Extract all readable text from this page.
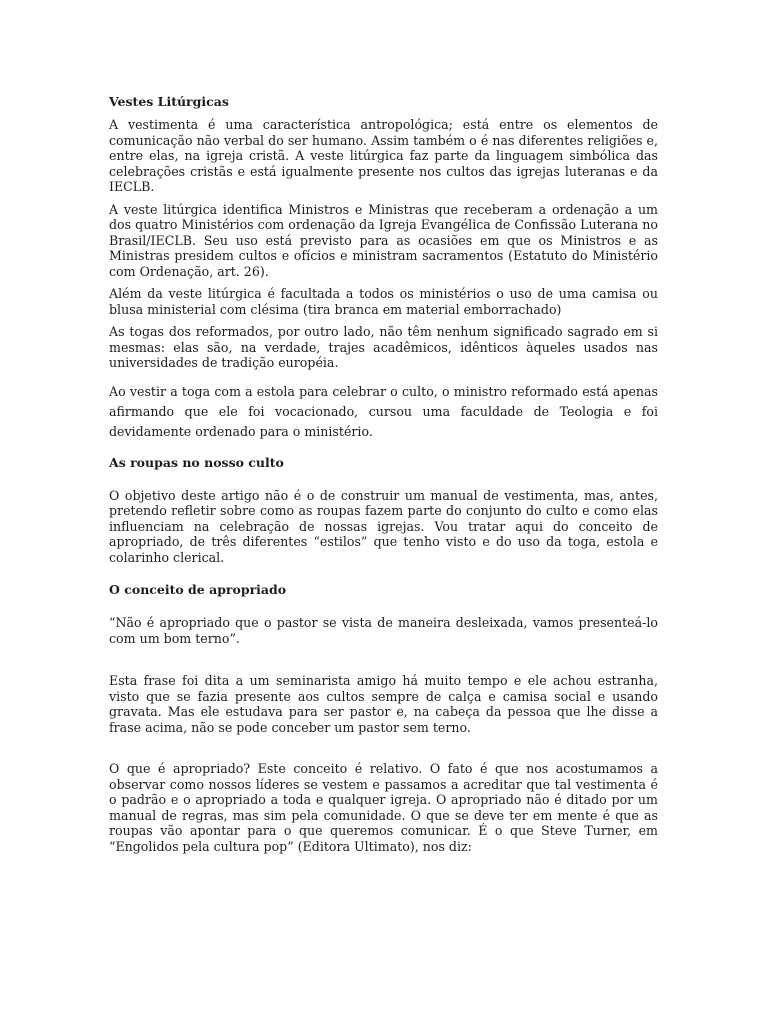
Vestes Litúrgicas

A vestimenta é uma característica antropológica; está entre os elementos de comunicação não verbal do ser humano. Assim também o é nas diferentes religiões e, entre elas, na igreja cristã. A veste litúrgica faz parte da linguagem simbólica das celebrações cristãs e está igualmente presente nos cultos das igrejas luteranas e da IECLB.

A veste litúrgica identifica Ministros e Ministras que receberam a ordenação a um dos quatro Ministérios com ordenação da Igreja Evangélica de Confissão Luterana no Brasil/IECLB. Seu uso está previsto para as ocasiões em que os Ministros e as Ministras presidem cultos e ofícios e ministram sacramentos (Estatuto do Ministério com Ordenação, art. 26).

Além da veste litúrgica é facultada a todos os ministérios o uso de uma camisa ou blusa ministerial com clésima (tira branca em material emborrachado)

As togas dos reformados, por outro lado, não têm nenhum significado sagrado em si mesmas: elas são, na verdade, trajes acadêmicos, idênticos àqueles usados nas universidades de tradição européia.

Ao vestir a toga com a estola para celebrar o culto, o ministro reformado está apenas afirmando que ele foi vocacionado, cursou uma faculdade de Teologia e foi devidamente ordenado para o ministério.

As roupas no nosso culto

O objetivo deste artigo não é o de construir um manual de vestimenta, mas, antes, pretendo refletir sobre como as roupas fazem parte do conjunto do culto e como elas influenciam na celebração de nossas igrejas. Vou tratar aqui do conceito de apropriado, de três diferentes “estilos” que tenho visto e do uso da toga, estola e colarinho clerical.

O conceito de apropriado

“Não é apropriado que o pastor se vista de maneira desleixada, vamos presenteá-lo com um bom terno”.

Esta frase foi dita a um seminarista amigo há muito tempo e ele achou estranha, visto que se fazia presente aos cultos sempre de calça e camisa social e usando gravata. Mas ele estudava para ser pastor e, na cabeça da pessoa que lhe disse a frase acima, não se pode conceber um pastor sem terno.

O que é apropriado? Este conceito é relativo. O fato é que nos acostumamos a observar como nossos líderes se vestem e passamos a acreditar que tal vestimenta é o padrão e o apropriado a toda e qualquer igreja. O apropriado não é ditado por um manual de regras, mas sim pela comunidade. O que se deve ter em mente é que as roupas vão apontar para o que queremos comunicar. É o que Steve Turner, em “Engolidos pela cultura pop” (Editora Ultimato), nos diz:
